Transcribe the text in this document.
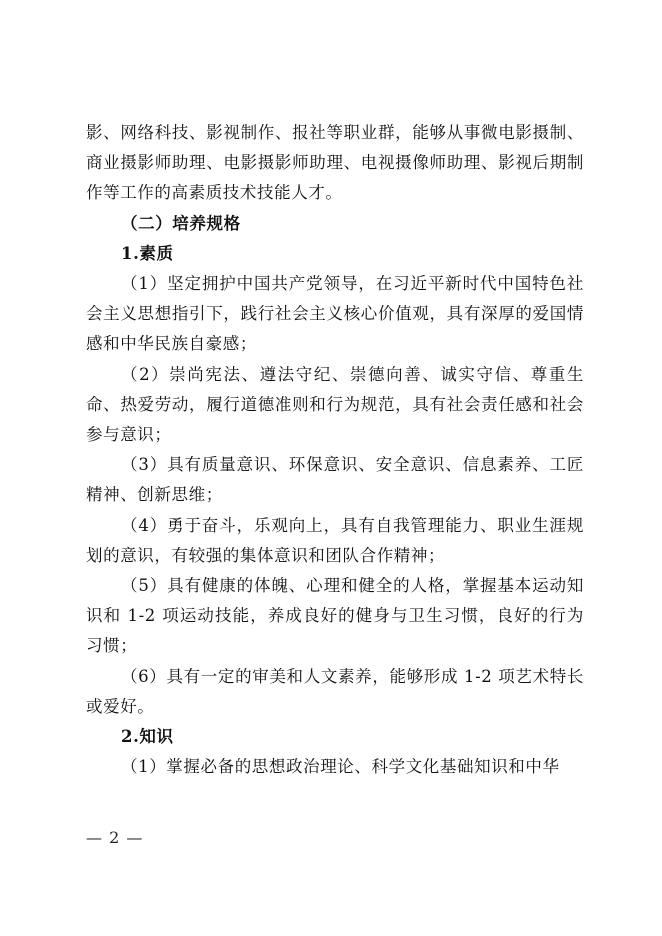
影、网络科技、影视制作、报社等职业群，能够从事微电影摄制、商业摄影师助理、电影摄影师助理、电视摄像师助理、影视后期制作等工作的高素质技术技能人才。

（二）培养规格

1.素质

（1）坚定拥护中国共产党领导，在习近平新时代中国特色社会主义思想指引下，践行社会主义核心价值观，具有深厚的爱国情感和中华民族自豪感；

（2）崇尚宪法、遵法守纪、崇德向善、诚实守信、尊重生命、热爱劳动，履行道德准则和行为规范，具有社会责任感和社会参与意识；

（3）具有质量意识、环保意识、安全意识、信息素养、工匠精神、创新思维；

（4）勇于奋斗，乐观向上，具有自我管理能力、职业生涯规划的意识，有较强的集体意识和团队合作精神；

（5）具有健康的体魄、心理和健全的人格，掌握基本运动知识和 1-2 项运动技能，养成良好的健身与卫生习惯，良好的行为习惯；

（6）具有一定的审美和人文素养，能够形成 1-2 项艺术特长或爱好。

2.知识

（1）掌握必备的思想政治理论、科学文化基础知识和中华

— 2 —
